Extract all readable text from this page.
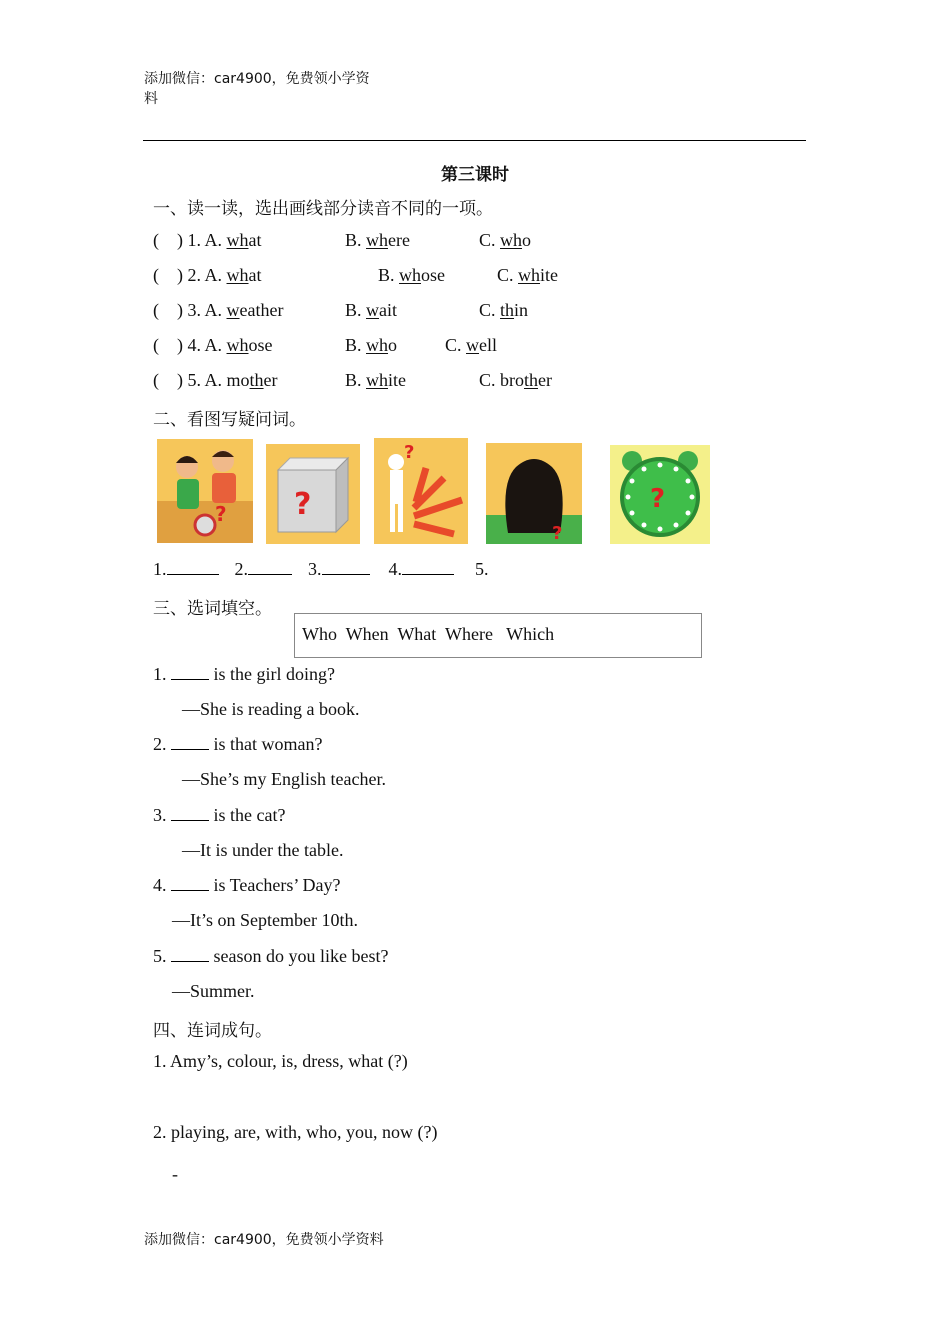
添加微信：car4900，免费领小学资
料
第三课时
一、读一读，选出画线部分读音不同的一项。
(    ) 1. A. what	B. where	C. who
(    ) 2. A. what	B. whose	C. white
(    ) 3. A. weather	B. wait	C. thin
(    ) 4. A. whose	B. who	C. well
(    ) 5. A. mother	B. white	C. brother
二、看图写疑问词。
? ?
?
?
?
1.	2.	3.	4.	5.
三、选词填空。
Who  When  What  Where   Which
1.	is the girl doing?
—She is reading a book.
2.	is that woman?
—She’s my English teacher.
3.	is the cat?
—It is under the table.
4.	is Teachers’ Day?
—It’s on September 10th.
5.	season do you like best?
—Summer.
四、连词成句。
1. Amy’s, colour, is, dress, what (?)
2. playing, are, with, who, you, now (?)
-
添加微信：car4900，免费领小学资料
